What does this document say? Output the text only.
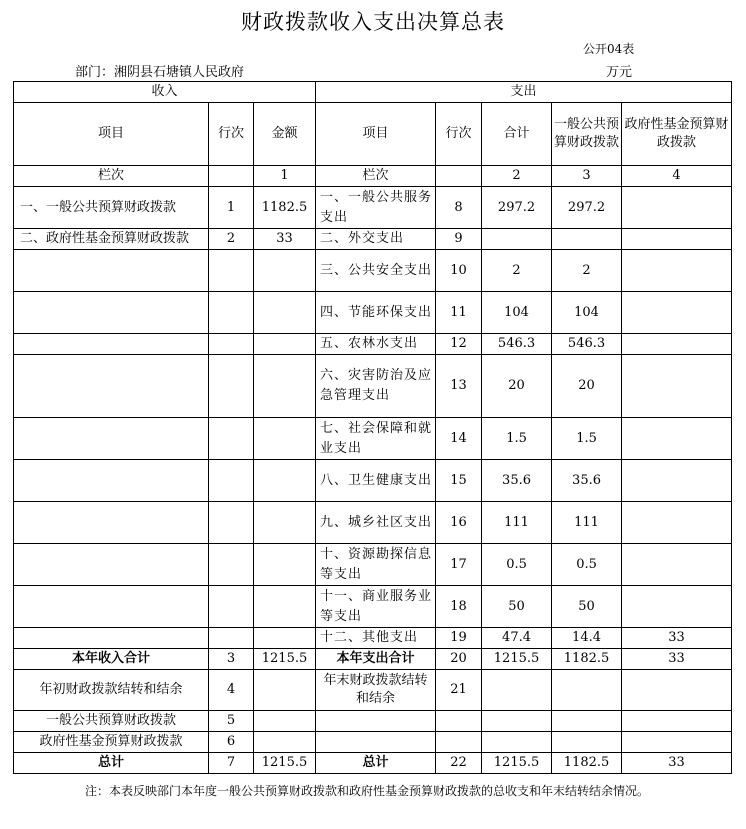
财政拨款收入支出决算总表
公开04表
部门：湘阴县石塘镇人民政府	万元
收入			支出				
项目	行次	金额	项目	行次	合计	一般公共预算财政拨款	政府性基金预算财政拨款
栏次		1	栏次		2	3	4
一、一般公共预算财政拨款	1	1182.5	一、一般公共服务支出	8	297.2	297.2	
二、政府性基金预算财政拨款	2	33	二、外交支出	9			
			三、公共安全支出	10	2	2	
			四、节能环保支出	11	104	104	
			五、农林水支出	12	546.3	546.3	
			六、灾害防治及应急管理支出	13	20	20	
			七、社会保障和就业支出	14	1.5	1.5	
			八、卫生健康支出	15	35.6	35.6	
			九、城乡社区支出	16	111	111	
			十、资源勘探信息等支出	17	0.5	0.5	
			十一、商业服务业等支出	18	50	50	
			十二、其他支出	19	47.4	14.4	33
本年收入合计	3	1215.5	本年支出合计	20	1215.5	1182.5	33
年初财政拨款结转和结余	4		年末财政拨款结转和结余	21			
一般公共预算财政拨款	5						
政府性基金预算财政拨款	6						
总计	7	1215.5	总计	22	1215.5	1182.5	33
注：本表反映部门本年度一般公共预算财政拨款和政府性基金预算财政拨款的总收支和年末结转结余情况。
